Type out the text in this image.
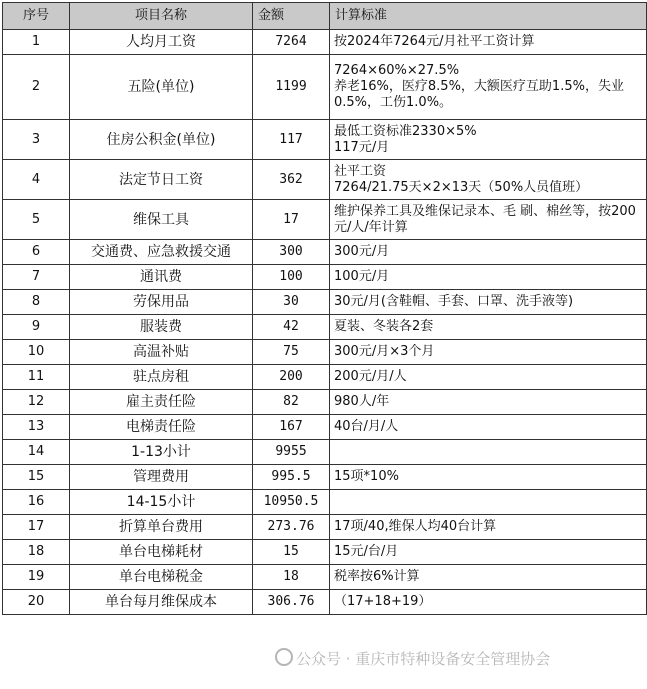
序号	项目名称	金额	计算标准
1	人均月工资	7264	按2024年7264元/月社平工资计算
2	五险(单位)	1199	7264×60%×27.5%
养老16%，医疗8.5%，大额医疗互助1.5%，失业0.5%，工伤1.0%。
3	住房公积金(单位)	117	最低工资标准2330×5%
117元/月
4	法定节日工资	362	社平工资
7264/21.75天×2×13天（50%人员值班）
5	维保工具	17	维护保养工具及维保记录本、毛 刷、棉丝等，按200元/人/年计算
6	交通费、应急救援交通	300	300元/月
7	通讯费	100	100元/月
8	劳保用品	30	30元/月(含鞋帽、手套、口罩、洗手液等)
9	服装费	42	夏装、冬装各2套
10	高温补贴	75	300元/月×3个月
11	驻点房租	200	200元/月/人
12	雇主责任险	82	980人/年
13	电梯责任险	167	40台/月/人
14	1-13小计	9955	
15	管理费用	995.5	15项*10%
16	14-15小计	10950.5	
17	折算单台费用	273.76	17项/40,维保人均40台计算
18	单台电梯耗材	15	15元/台/月
19	单台电梯税金	18	税率按6%计算
20	单台每月维保成本	306.76	（17+18+19）
公众号 · 重庆市特种设备安全管理协会
